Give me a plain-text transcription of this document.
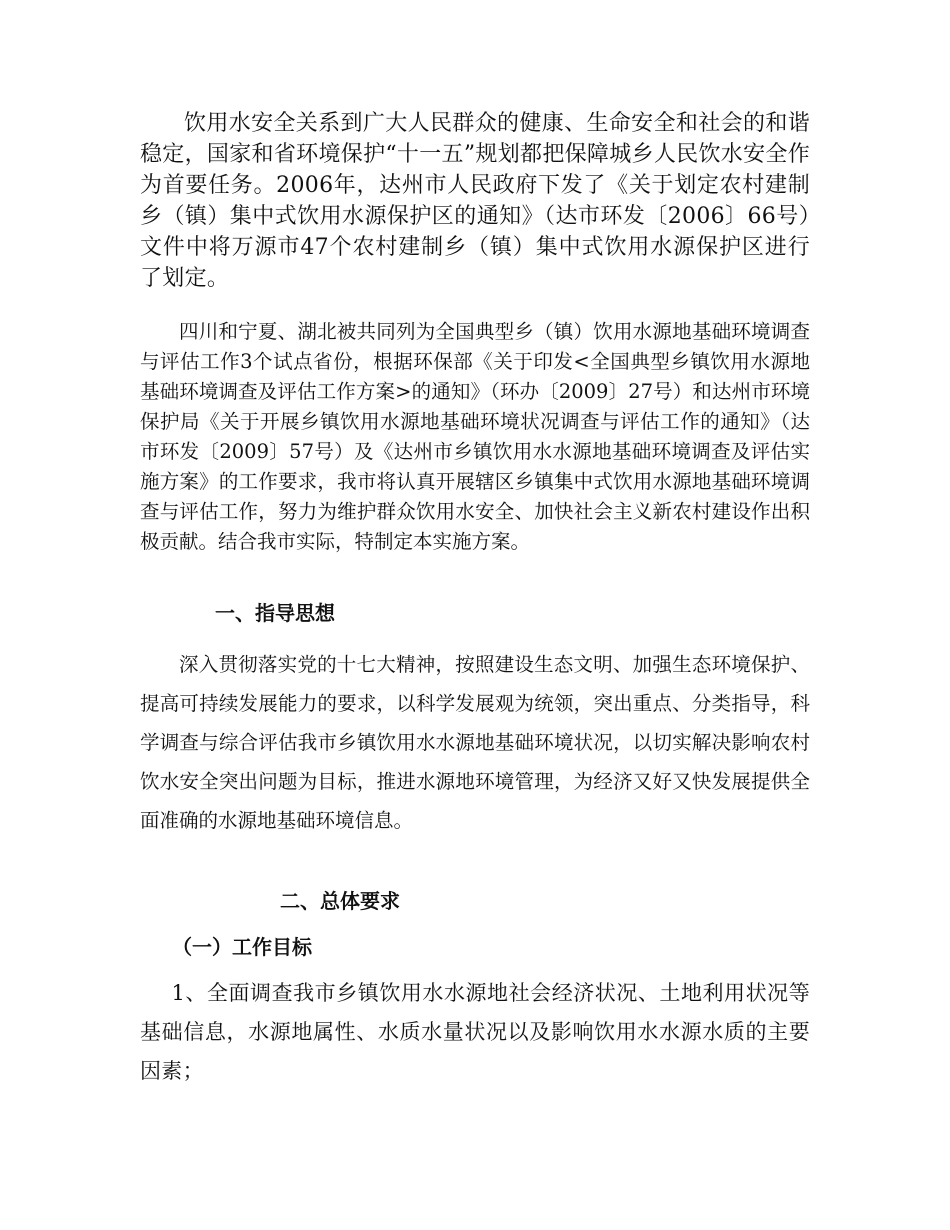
饮用水安全关系到广大人民群众的健康、生命安全和社会的和谐稳定，国家和省环境保护“十一五”规划都把保障城乡人民饮水安全作为首要任务。2006年，达州市人民政府下发了《关于划定农村建制乡（镇）集中式饮用水源保护区的通知》（达市环发〔2006〕66号）文件中将万源市47个农村建制乡（镇）集中式饮用水源保护区进行了划定。

四川和宁夏、湖北被共同列为全国典型乡（镇）饮用水源地基础环境调查与评估工作3个试点省份，根据环保部《关于印发<全国典型乡镇饮用水源地基础环境调查及评估工作方案>的通知》（环办〔2009〕27号）和达州市环境保护局《关于开展乡镇饮用水源地基础环境状况调查与评估工作的通知》（达市环发〔2009〕57号）及《达州市乡镇饮用水水源地基础环境调查及评估实施方案》的工作要求，我市将认真开展辖区乡镇集中式饮用水源地基础环境调查与评估工作，努力为维护群众饮用水安全、加快社会主义新农村建设作出积极贡献。结合我市实际，特制定本实施方案。

一、指导思想

深入贯彻落实党的十七大精神，按照建设生态文明、加强生态环境保护、提高可持续发展能力的要求，以科学发展观为统领，突出重点、分类指导，科学调查与综合评估我市乡镇饮用水水源地基础环境状况，以切实解决影响农村饮水安全突出问题为目标，推进水源地环境管理，为经济又好又快发展提供全面准确的水源地基础环境信息。

二、总体要求
（一）工作目标

1、全面调查我市乡镇饮用水水源地社会经济状况、土地利用状况等基础信息，水源地属性、水质水量状况以及影响饮用水水源水质的主要因素；
